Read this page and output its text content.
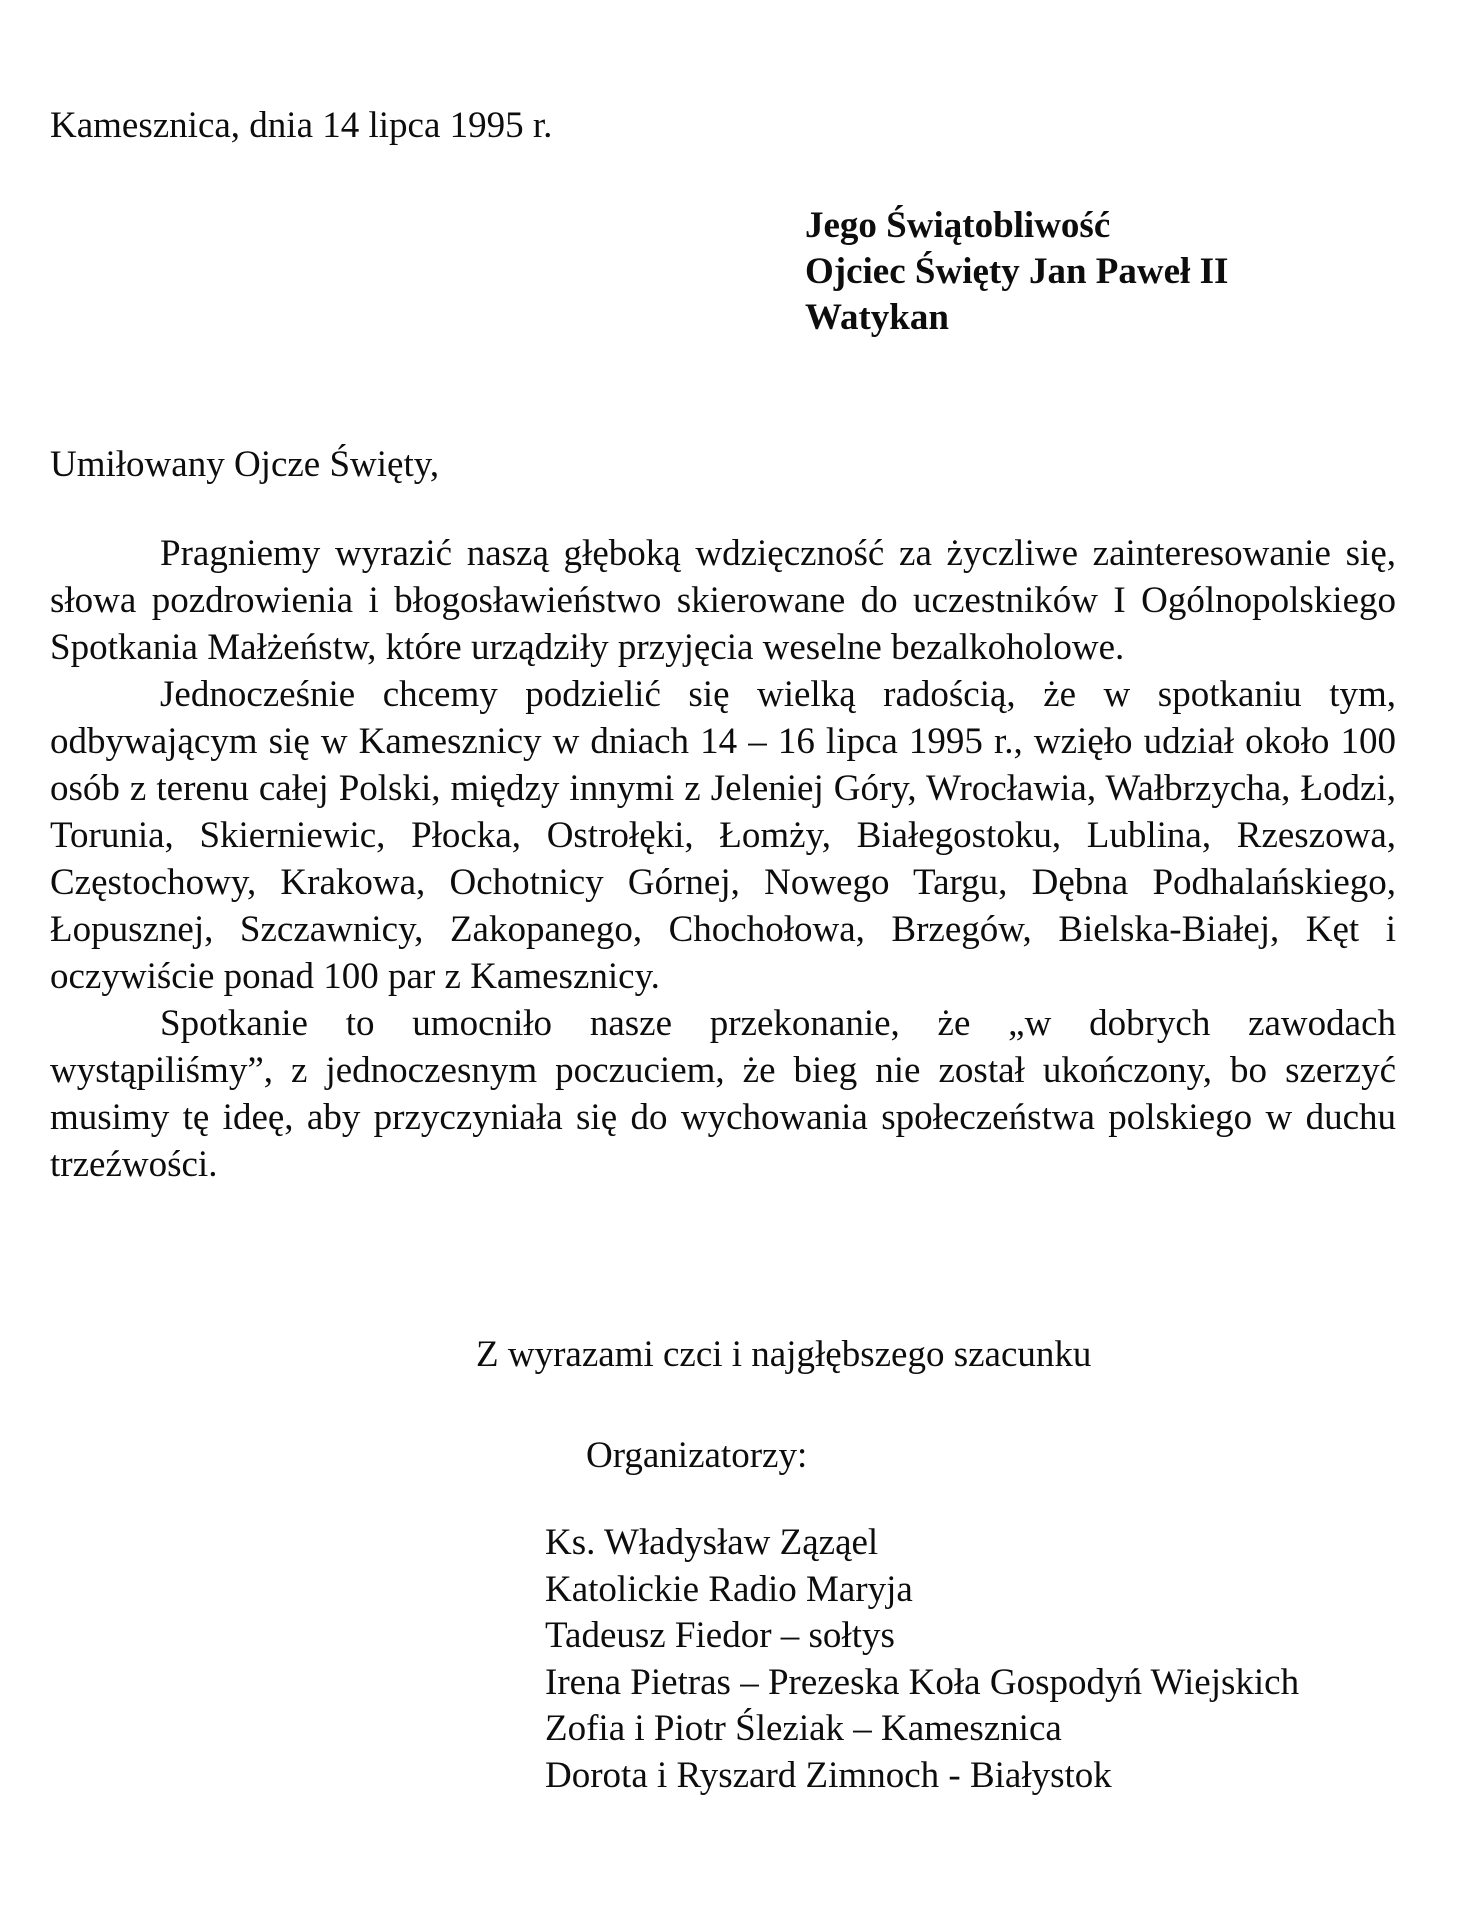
Kamesznica, dnia 14 lipca 1995 r.
Jego Świątobliwość
Ojciec Święty Jan Paweł II
Watykan
Umiłowany Ojcze Święty,

Pragniemy wyrazić naszą głęboką wdzięczność za życzliwe zainteresowanie się, słowa pozdrowienia i błogosławieństwo skierowane do uczestników I Ogólnopolskiego Spotkania Małżeństw, które urządziły przyjęcia weselne bezalkoholowe.

Jednocześnie chcemy podzielić się wielką radością, że w spotkaniu tym, odbywającym się w Kamesznicy w dniach 14 – 16 lipca 1995 r., wzięło udział około 100 osób z terenu całej Polski, między innymi z Jeleniej Góry, Wrocławia, Wałbrzycha, Łodzi, Torunia, Skierniewic, Płocka, Ostrołęki, Łomży, Białegostoku, Lublina, Rzeszowa, Częstochowy, Krakowa, Ochotnicy Górnej, Nowego Targu, Dębna Podhalańskiego, Łopusznej, Szczawnicy, Zakopanego, Chochołowa, Brzegów, Bielska-Białej, Kęt i oczywiście ponad 100 par z Kamesznicy.

Spotkanie to umocniło nasze przekonanie, że „w dobrych zawodach wystąpiliśmy”, z jednoczesnym poczuciem, że bieg nie został ukończony, bo szerzyć musimy tę ideę, aby przyczyniała się do wychowania społeczeństwa polskiego w duchu trzeźwości.

Z wyrazami czci i najgłębszego szacunku
Organizatorzy:
Ks. Władysław Ząząel
Katolickie Radio Maryja
Tadeusz Fiedor – sołtys
Irena Pietras – Prezeska Koła Gospodyń Wiejskich
Zofia i Piotr Śleziak – Kamesznica
Dorota i Ryszard Zimnoch - Białystok
